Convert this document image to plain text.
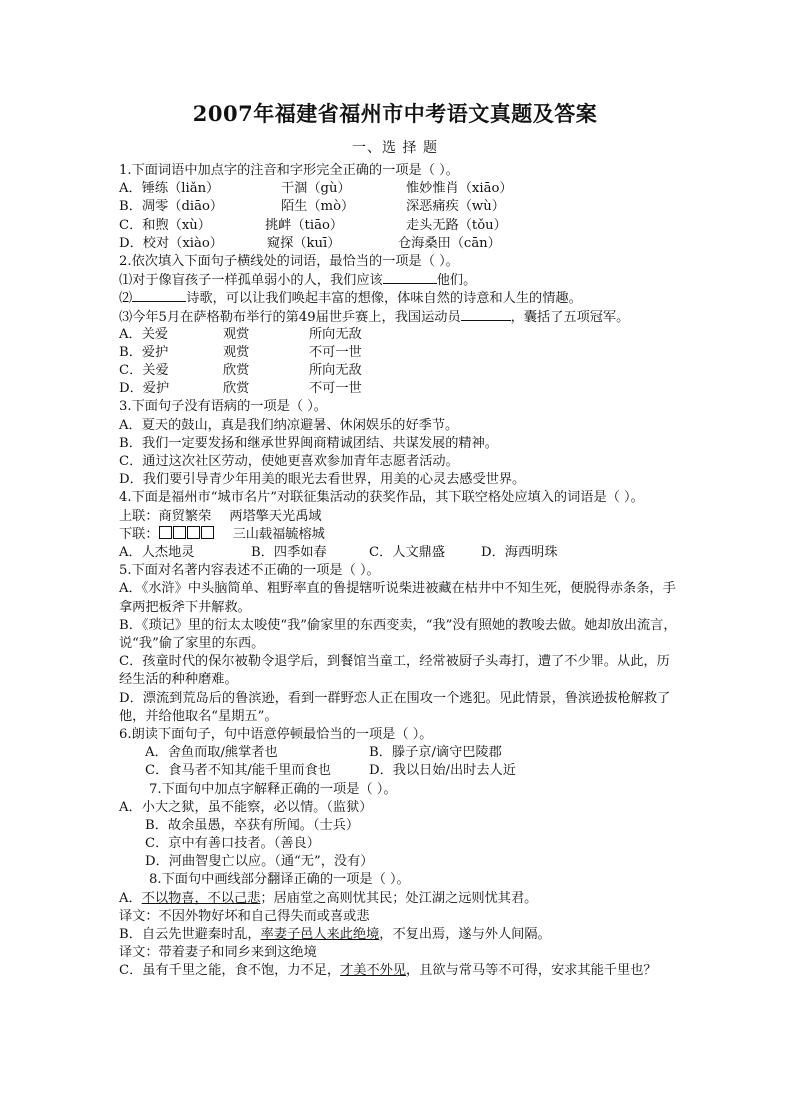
2007年福建省福州市中考语文真题及答案
一、选 择 题
1.下面词语中加点字的注音和字形完全正确的一项是（ ）。
A．锤练（liǎn）	干涸（gù）	惟妙惟肖（xiāo）
B．凋零（diāo）	陌生（mò）	深恶痛疾（wù）
C．和煦（xù）	挑衅（tiāo）	走头无路（tǒu）
D．校对（xiào）	窥探（kuī）	仓海桑田（cān）
2.依次填入下面句子横线处的词语，最恰当的一项是（ ）。
⑴对于像盲孩子一样孤单弱小的人，我们应该	他们。
⑵	诗歌，可以让我们唤起丰富的想像，体味自然的诗意和人生的情趣。
⑶今年5月在萨格勒布举行的第49届世乒赛上，我国运动员	，囊括了五项冠军。
A．关爱	观赏	所向无敌
B．爱护	观赏	不可一世
C．关爱	欣赏	所向无敌
D．爱护	欣赏	不可一世
3.下面句子没有语病的一项是（ ）。
A．夏天的鼓山，真是我们纳凉避暑、休闲娱乐的好季节。
B．我们一定要发扬和继承世界闽商精诚团结、共谋发展的精神。
C．通过这次社区劳动，使她更喜欢参加青年志愿者活动。
D．我们要引导青少年用美的眼光去看世界，用美的心灵去感受世界。
4.下面是福州市“城市名片”对联征集活动的获奖作品，其下联空格处应填入的词语是（ ）。
上联：商贸繁荣 两塔擎天光禹域
下联：	三山载福毓榕城
A．人杰地灵	B．四季如春	C．人文鼎盛	D．海西明珠
5.下面对名著内容表述不正确的一项是（ ）。
A．《水浒》中头脑简单、粗野率直的鲁提辖听说柴进被藏在枯井中不知生死，便脱得赤条条，手拿两把板斧下井解救。
B．《琐记》里的衍太太唆使“我”偷家里的东西变卖，“我”没有照她的教唆去做。她却放出流言，说“我”偷了家里的东西。
C．孩童时代的保尔被勒令退学后，到餐馆当童工，经常被厨子头毒打，遭了不少罪。从此，历经生活的种种磨难。
D．漂流到荒岛后的鲁滨逊，看到一群野恋人正在围攻一个逃犯。见此情景，鲁滨逊拔枪解救了他，并给他取名“星期五”。
6.朗读下面句子，句中语意停顿最恰当的一项是（ ）。
A．舍鱼而取/熊掌者也	B．滕子京/谪守巴陵郡
C．食马者不知其/能千里而食也	D．我以日始/出时去人近
7.下面句中加点字解释正确的一项是（ ）。
A．小大之狱，虽不能察，必以情。（监狱）
B．故余虽愚，卒获有所闻。（士兵）
C．京中有善口技者。（善良）
D．河曲智叟亡以应。（通“无”，没有）
8.下面句中画线部分翻译正确的一项是（ ）。
A．不以物喜，不以己悲；居庙堂之高则忧其民；处江湖之远则忧其君。
译文：不因外物好坏和自己得失而或喜或悲
B．自云先世避秦时乱，率妻子邑人来此绝境，不复出焉，遂与外人间隔。
译文：带着妻子和同乡来到这绝境
C．虽有千里之能，食不饱，力不足，才美不外见，且欲与常马等不可得，安求其能千里也？
